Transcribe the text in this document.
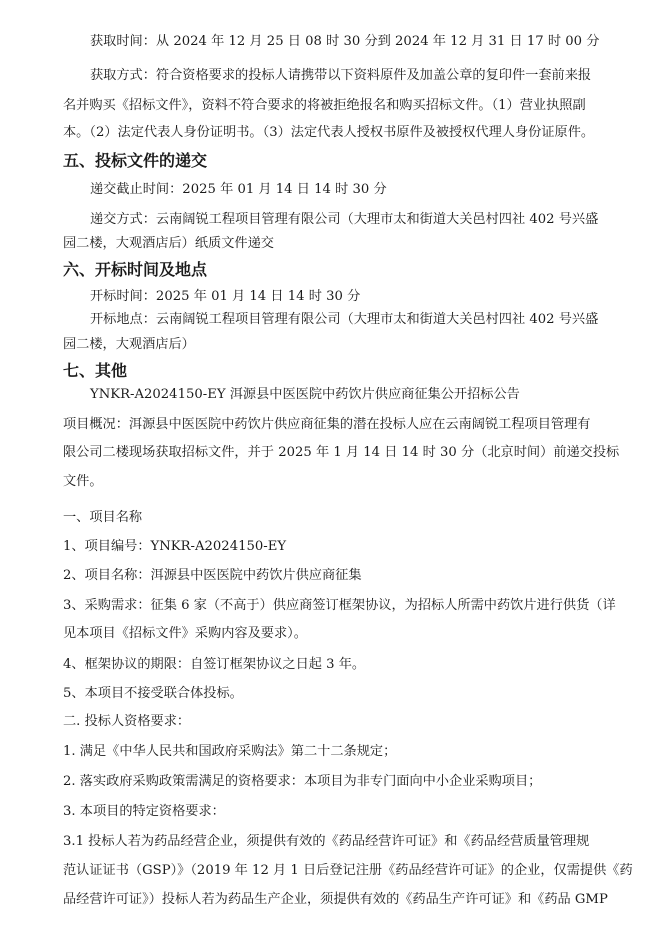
获取时间：从 2024 年 12 月 25 日 08 时 30 分到 2024 年 12 月 31 日 17 时 00 分
获取方式：符合资格要求的投标人请携带以下资料原件及加盖公章的复印件一套前来报
名并购买《招标文件》，资料不符合要求的将被拒绝报名和购买招标文件。（1）营业执照副
本。（2）法定代表人身份证明书。（3）法定代表人授权书原件及被授权代理人身份证原件。
五、投标文件的递交
递交截止时间：2025 年 01 月 14 日 14 时 30 分
递交方式：云南阔锐工程项目管理有限公司（大理市太和街道大关邑村四社 402 号兴盛
园二楼，大观酒店后）纸质文件递交
六、开标时间及地点
开标时间：2025 年 01 月 14 日 14 时 30 分
开标地点：云南阔锐工程项目管理有限公司（大理市太和街道大关邑村四社 402 号兴盛
园二楼，大观酒店后）
七、其他
YNKR-A2024150-EY 洱源县中医医院中药饮片供应商征集公开招标公告
项目概况：洱源县中医医院中药饮片供应商征集的潜在投标人应在云南阔锐工程项目管理有
限公司二楼现场获取招标文件，并于 2025 年 1 月 14 日 14 时 30 分（北京时间）前递交投标
文件。
一、项目名称
1、项目编号：YNKR-A2024150-EY
2、项目名称：洱源县中医医院中药饮片供应商征集
3、采购需求：征集 6 家（不高于）供应商签订框架协议，为招标人所需中药饮片进行供货（详
见本项目《招标文件》采购内容及要求）。
4、框架协议的期限：自签订框架协议之日起 3 年。
5、本项目不接受联合体投标。
二. 投标人资格要求：
1. 满足《中华人民共和国政府采购法》第二十二条规定；
2. 落实政府采购政策需满足的资格要求：本项目为非专门面向中小企业采购项目；
3. 本项目的特定资格要求：
3.1 投标人若为药品经营企业，须提供有效的《药品经营许可证》和《药品经营质量管理规
范认证证书（GSP）》（2019 年 12 月 1 日后登记注册《药品经营许可证》的企业，仅需提供《药
品经营许可证》）投标人若为药品生产企业，须提供有效的《药品生产许可证》和《药品 GMP
